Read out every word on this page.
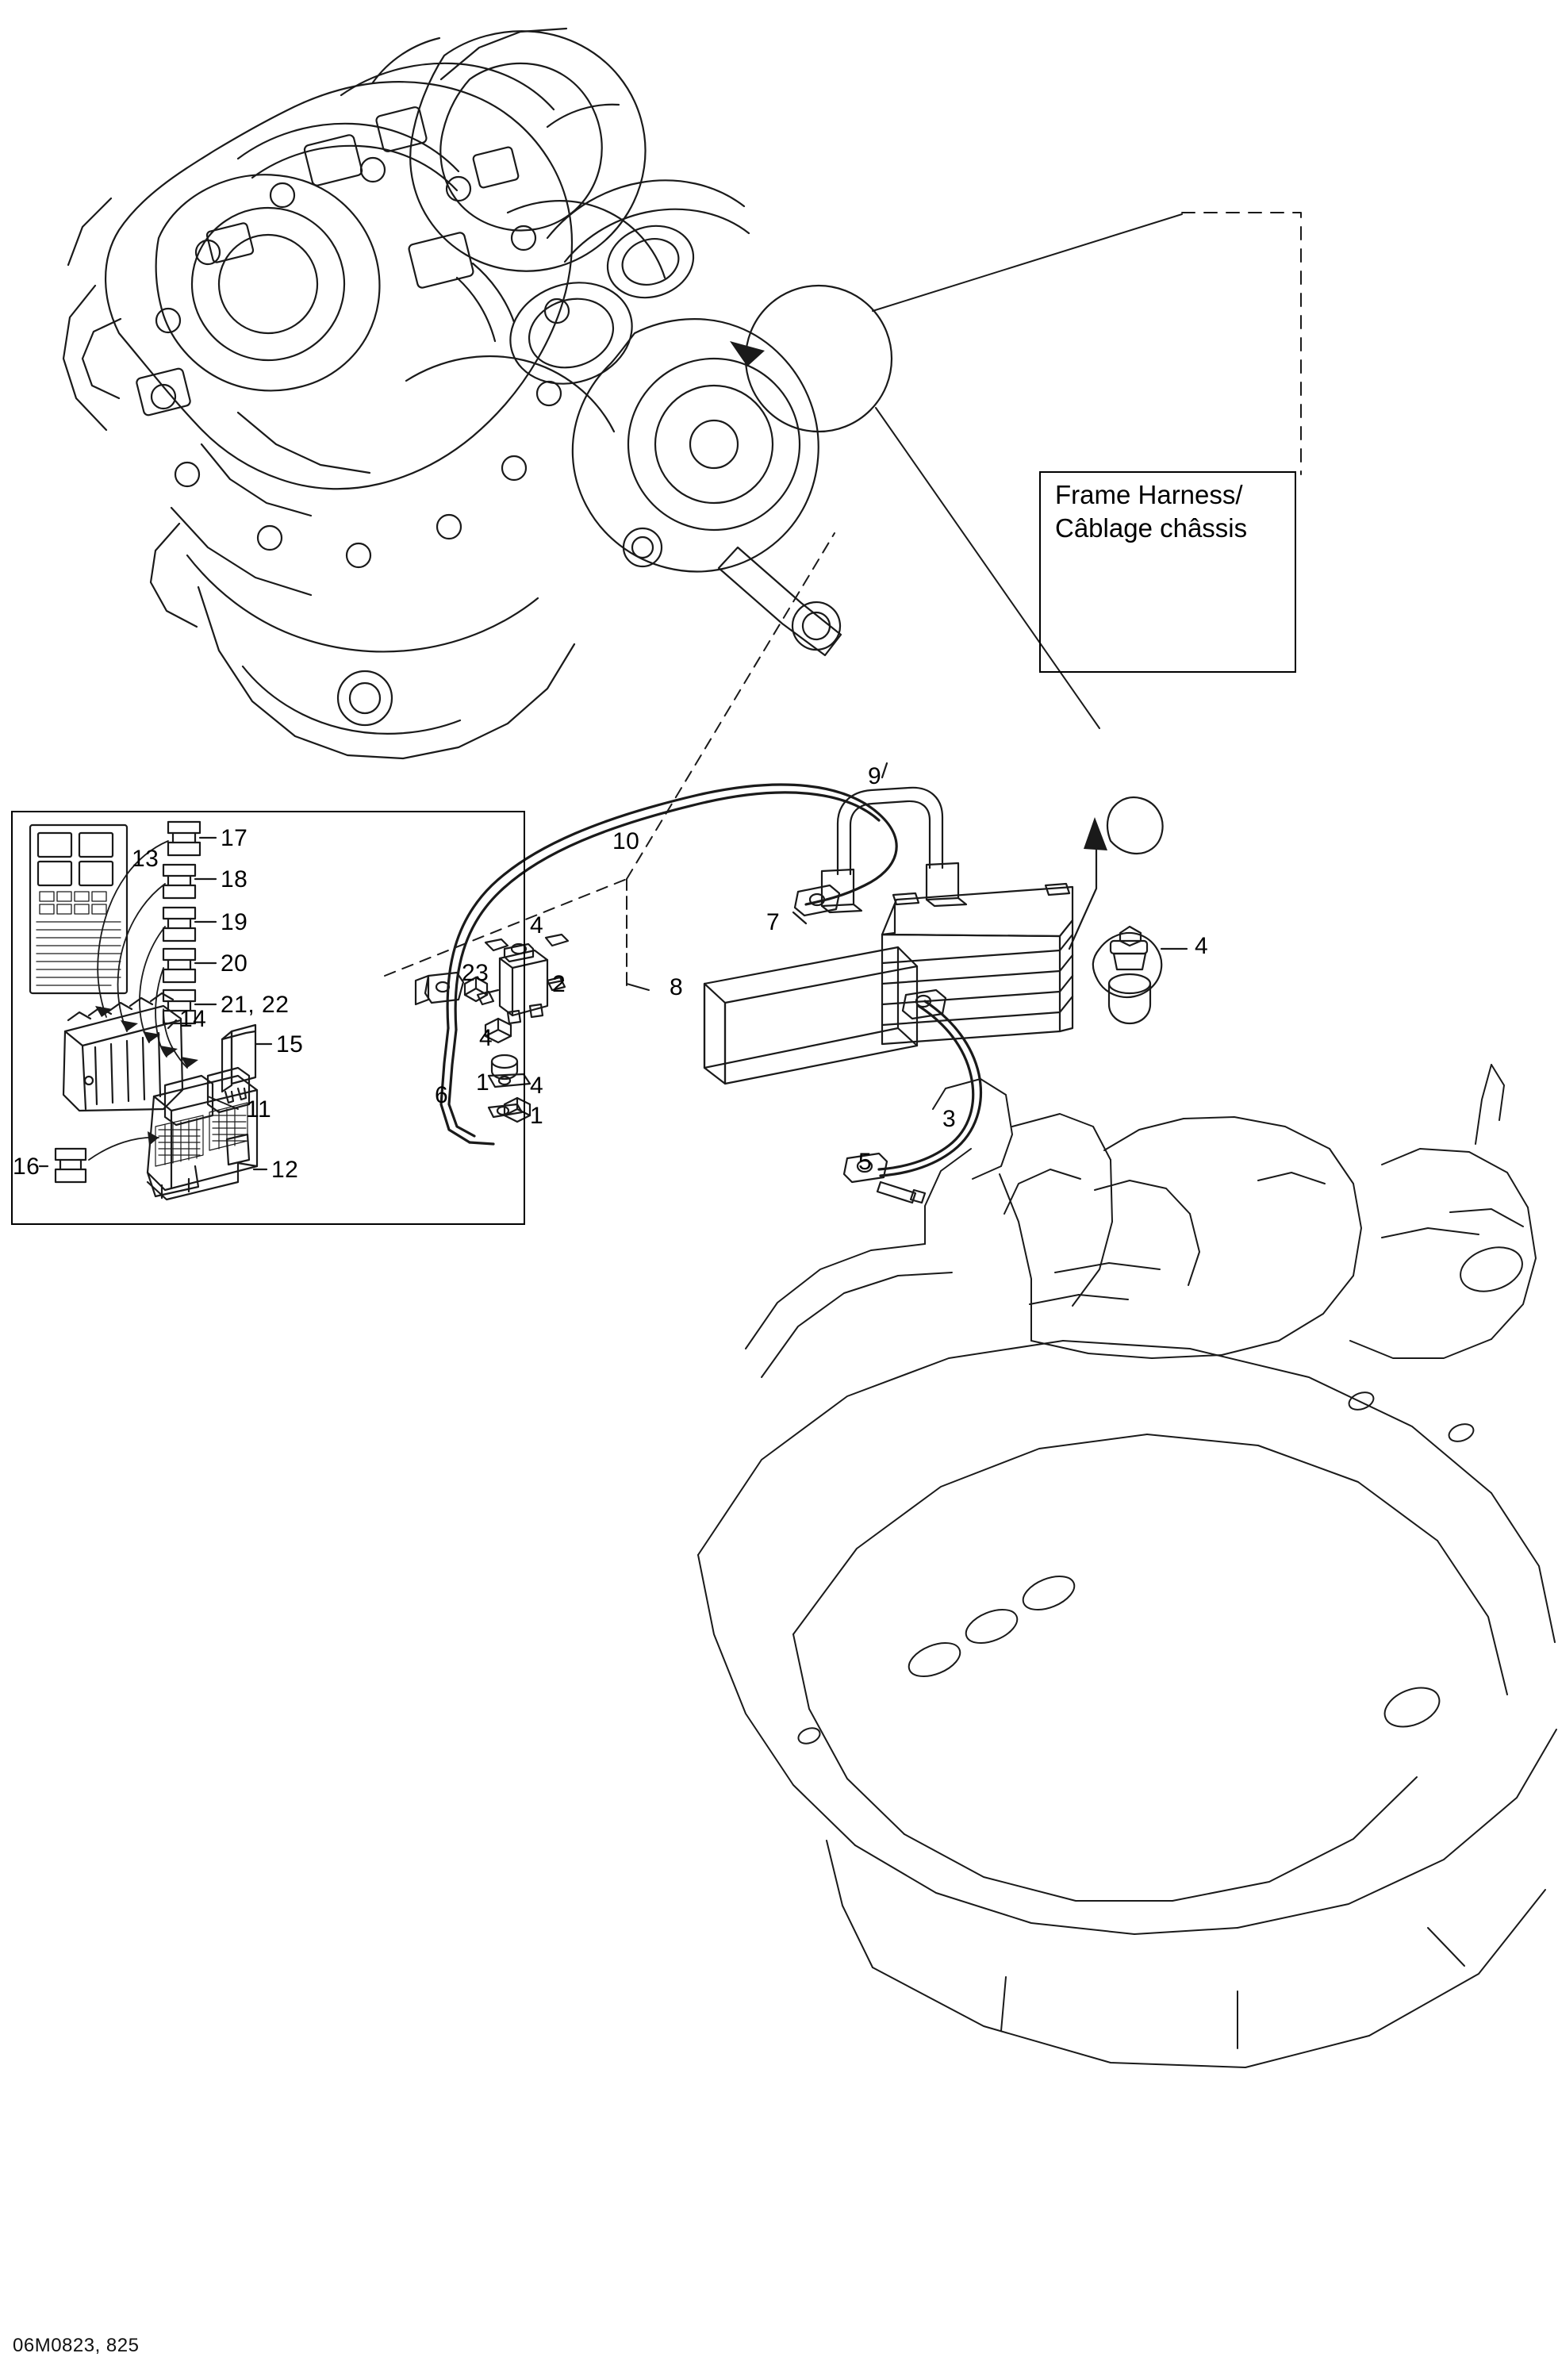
Frame Harness/
Câblage châssis
4
13
17
18
19
20
21, 22
14
15
11
12
16
9
10
7
8
4
23	2
4
1
6	4
1	3
5
06M0823, 825
